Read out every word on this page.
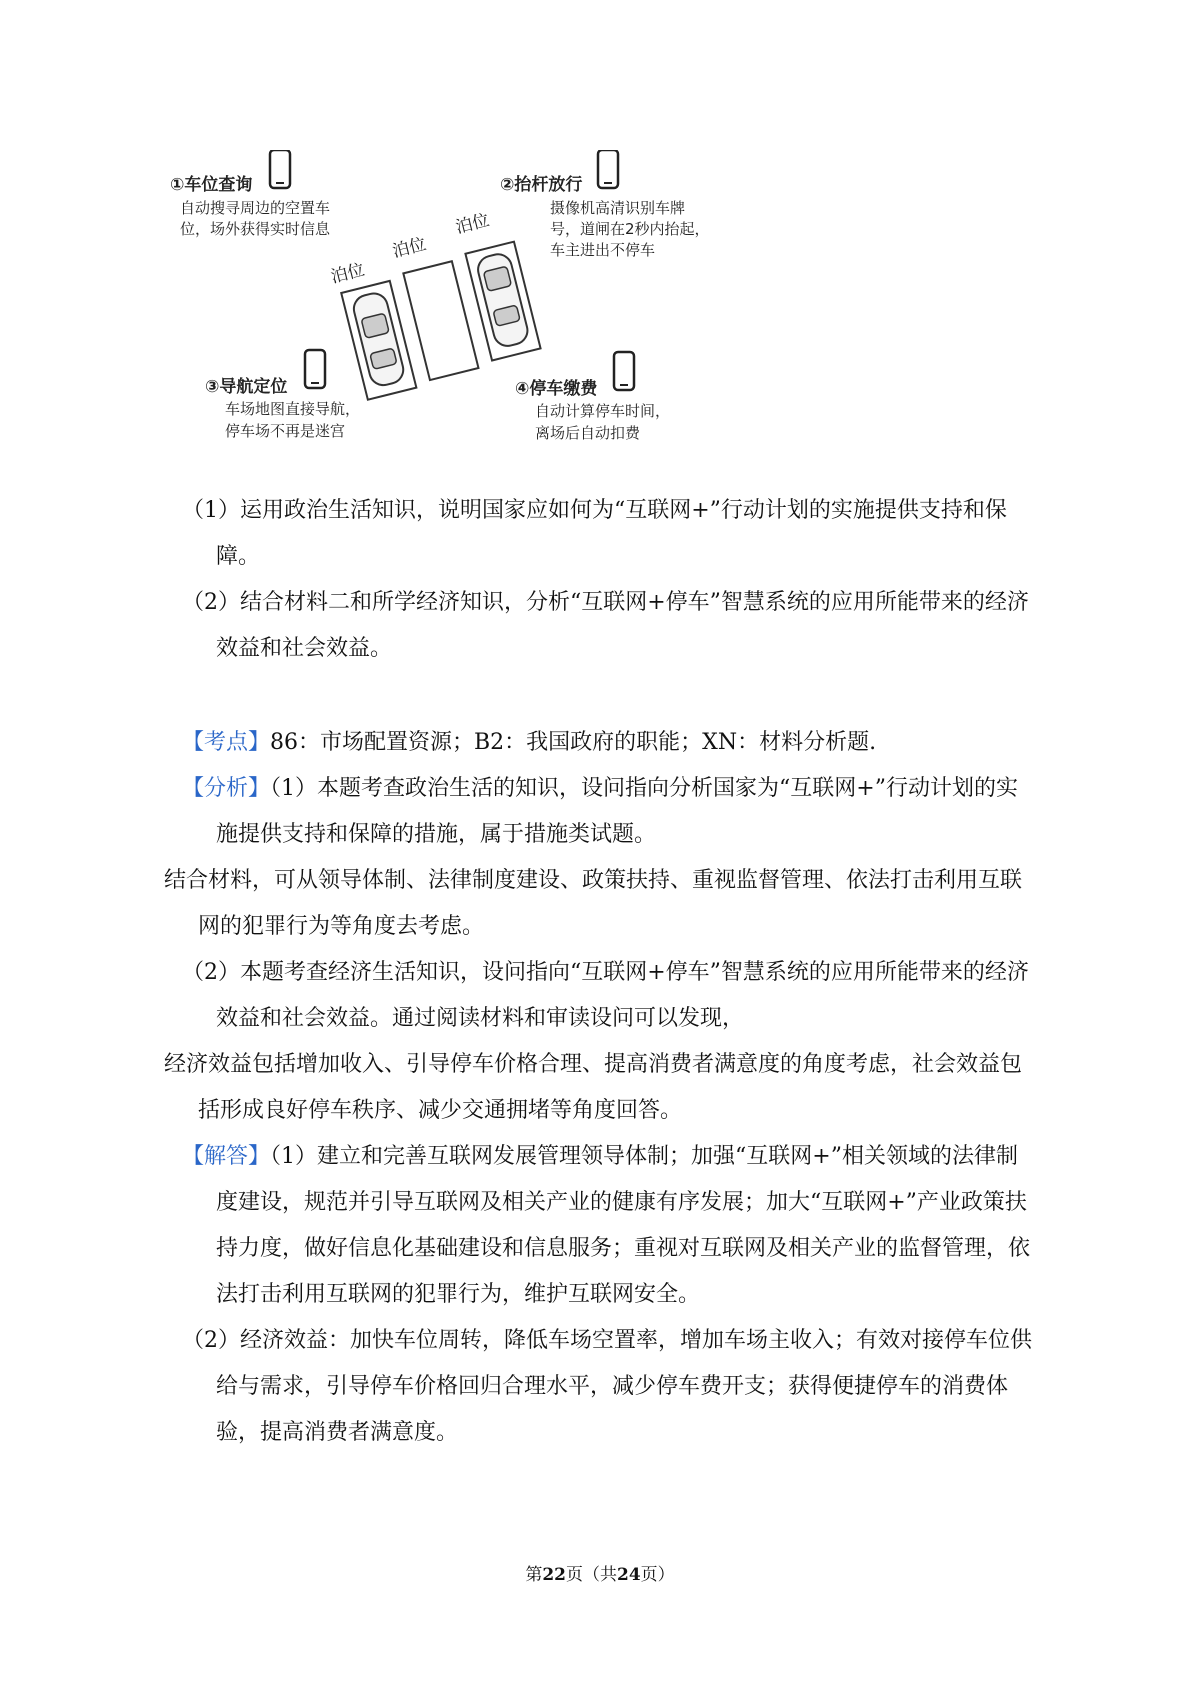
①车位查询
自动搜寻周边的空置车
位，场外获得实时信息
②抬杆放行
摄像机高清识别车牌
号，道闸在2秒内抬起，
车主进出不停车
泊位
泊位
泊位
③导航定位
车场地图直接导航，
停车场不再是迷宫
④停车缴费
自动计算停车时间，
离场后自动扣费

（1）运用政治生活知识，说明国家应如何为“互联网+”行动计划的实施提供支持和保障。

（2）结合材料二和所学经济知识，分析“互联网+停车”智慧系统的应用所能带来的经济效益和社会效益。

【考点】86：市场配置资源；B2：我国政府的职能；XN：材料分析题.

【分析】（1）本题考查政治生活的知识，设问指向分析国家为“互联网+”行动计划的实施提供支持和保障的措施，属于措施类试题。

结合材料，可从领导体制、法律制度建设、政策扶持、重视监督管理、依法打击利用互联网的犯罪行为等角度去考虑。

（2）本题考查经济生活知识，设问指向“互联网+停车”智慧系统的应用所能带来的经济效益和社会效益。通过阅读材料和审读设问可以发现，

经济效益包括增加收入、引导停车价格合理、提高消费者满意度的角度考虑，社会效益包括形成良好停车秩序、减少交通拥堵等角度回答。

【解答】（1）建立和完善互联网发展管理领导体制；加强“互联网+”相关领域的法律制度建设，规范并引导互联网及相关产业的健康有序发展；加大“互联网+”产业政策扶持力度，做好信息化基础建设和信息服务；重视对互联网及相关产业的监督管理，依法打击利用互联网的犯罪行为，维护互联网安全。

（2）经济效益：加快车位周转，降低车场空置率，增加车场主收入；有效对接停车位供给与需求，引导停车价格回归合理水平，减少停车费开支；获得便捷停车的消费体验，提高消费者满意度。

第22页（共24页）
